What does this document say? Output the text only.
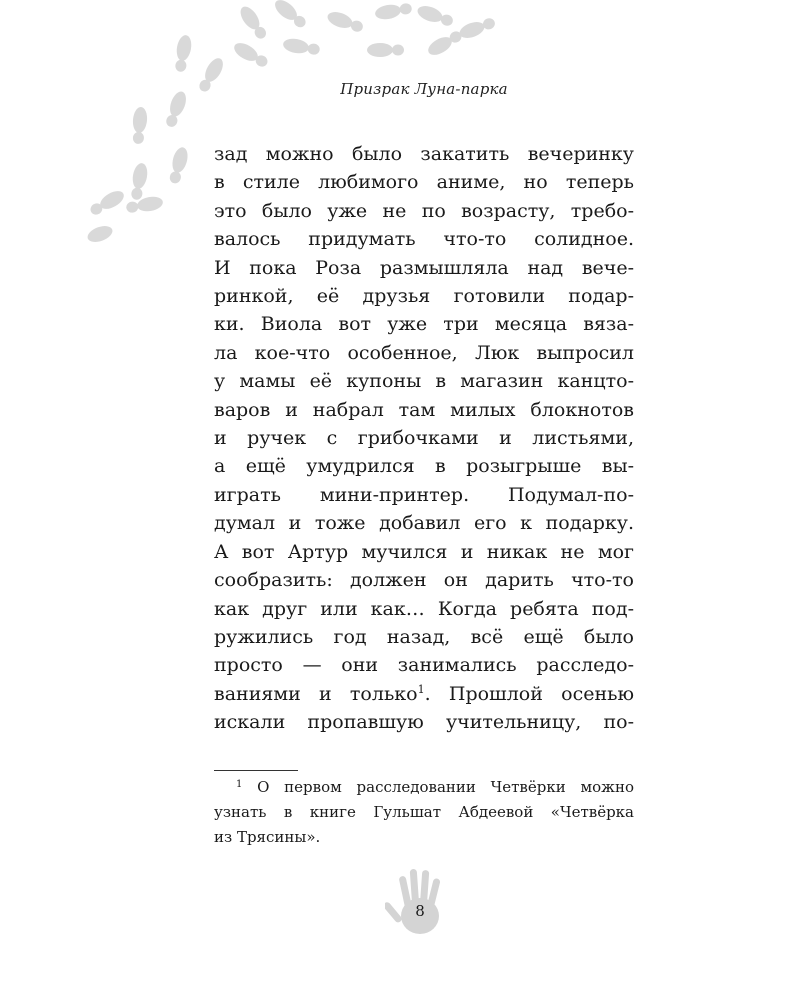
Призрак Луна-парка
зад можно было закатить вечеринку
в стиле любимого аниме, но теперь
это было уже не по возрасту, требо-
валось придумать что-то солидное.
И пока Роза размышляла над вече-
ринкой, её друзья готовили подар-
ки. Виола вот уже три месяца вяза-
ла кое-что особенное, Люк выпросил
у мамы её купоны в магазин канцто-
варов и набрал там милых блокнотов
и ручек с грибочками и листьями,
а ещё умудрился в розыгрыше вы-
играть мини-принтер. Подумал-по-
думал и тоже добавил его к подарку.
А вот Артур мучился и никак не мог
сообразить: должен он дарить что-то
как друг или как… Когда ребята под-
ружились год назад, всё ещё было
просто — они занимались расследо-
ваниями и только$^1$. Прошлой осенью
искали пропавшую учительницу, по-
$^1$ О первом расследовании Четвёрки можно
узнать в книге Гульшат Абдеевой «Четвёрка
из Трясины».
8
